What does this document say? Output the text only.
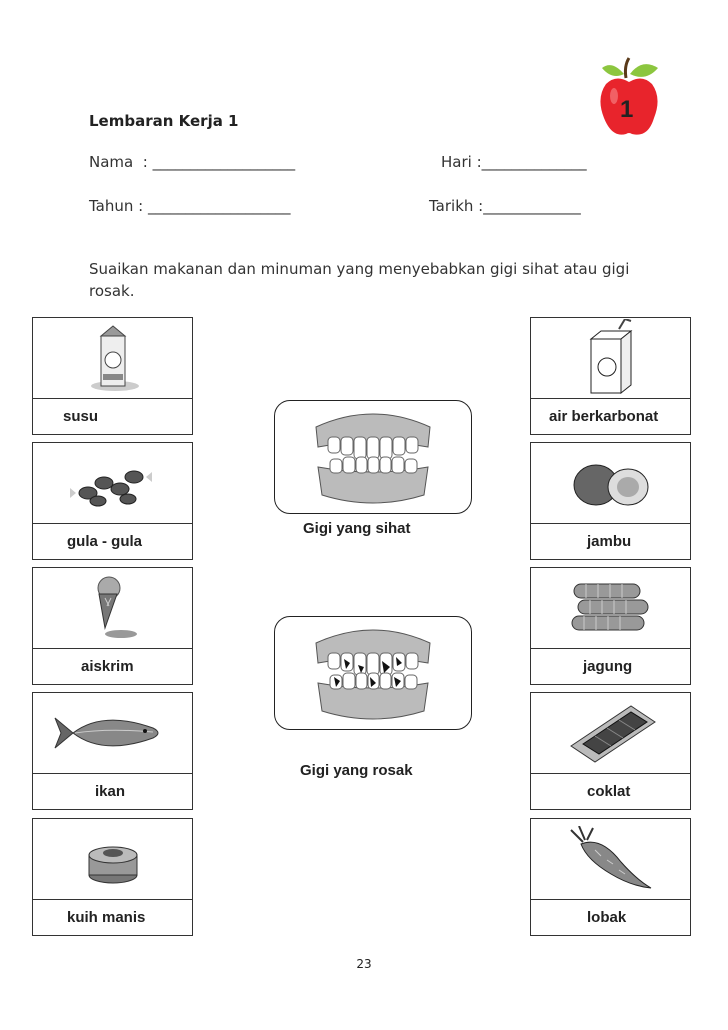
1
Lembaran Kerja 1
Nama  : ___________________	Hari :______________
Tahun : ___________________	Tarikh :_____________
Suaikan makanan dan minuman yang menyebabkan gigi sihat atau gigi rosak.
susu
gula - gula
aiskrim
ikan
kuih manis
air berkarbonat
jambu
jagung
coklat
lobak
Gigi yang sihat
Gigi yang rosak
23
